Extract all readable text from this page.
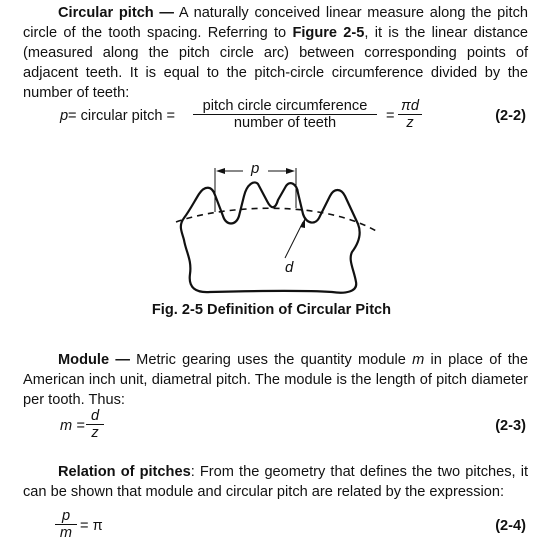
Circular pitch — A naturally conceived linear measure along the pitch circle of the tooth spacing. Referring to Figure 2-5, it is the linear distance (measured along the pitch circle arc) between corresponding points of adjacent teeth. It is equal to the pitch-circle circumference divided by the number of teeth:
p = circular pitch =
pitch circle circumference
number of teeth	=
πd
z	(2-2)
p
d
Fig. 2-5 Definition of Circular Pitch
Module — Metric gearing uses the quantity module m in place of the American inch unit, diametral pitch. The module is the length of pitch diameter per tooth. Thus:
m =
d
z	(2-3)
Relation of pitches: From the geometry that defines the two pitches, it can be shown that module and circular pitch are related by the expression:
p
m = π	(2-4)
